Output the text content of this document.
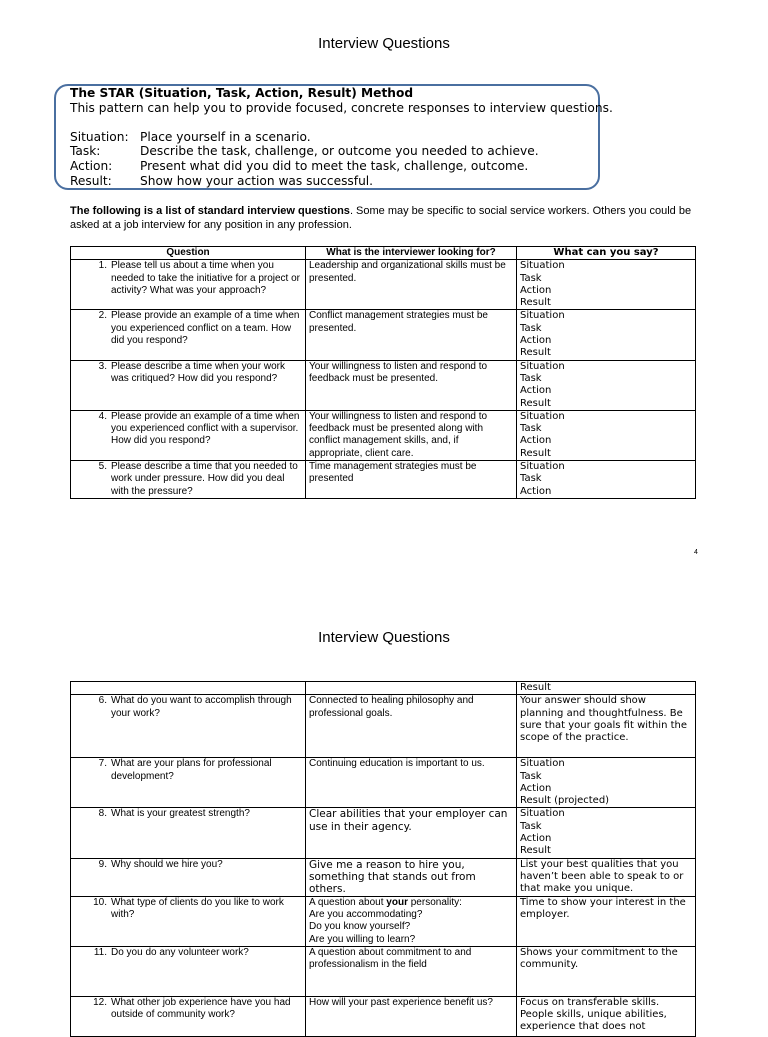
Interview Questions
The STAR (Situation, Task, Action, Result) Method
This pattern can help you to provide focused, concrete responses to interview questions.
Situation: Place yourself in a scenario.
Task:	Describe the task, challenge, or outcome you needed to achieve.
Action:	Present what did you did to meet the task, challenge, outcome.
Result:	Show how your action was successful.
The following is a list of standard interview questions. Some may be specific to social service workers. Others you could be asked at a job interview for any position in any profession.
Question	What is the interviewer looking for?	What can you say?

1. Please tell us about a time when you needed to take the initiative for a project or activity? What was your approach?	Leadership and organizational skills must be presented.	Situation
Task
Action
Result

2. Please provide an example of a time when you experienced conflict on a team. How did you respond?	Conflict management strategies must be presented.	Situation
Task
Action
Result

3. Please describe a time when your work was critiqued? How did you respond?	Your willingness to listen and respond to feedback must be presented.	Situation
Task
Action
Result

4. Please provide an example of a time when you experienced conflict with a supervisor. How did you respond?	Your willingness to listen and respond to feedback must be presented along with conflict management skills, and, if appropriate, client care.	Situation
Task
Action
Result

5. Please describe a time that you needed to work under pressure. How did you deal with the pressure?	Time management strategies must be presented	Situation
Task
Action
4
Interview Questions
		Result

6. What do you want to accomplish through your work?	Connected to healing philosophy and professional goals.	Your answer should show planning and thoughtfulness. Be sure that your goals fit within the scope of the practice.

7. What are your plans for professional development?	Continuing education is important to us.	Situation
Task
Action
Result (projected)

8. What is your greatest strength?	Clear abilities that your employer can use in their agency.	Situation
Task
Action
Result

9. Why should we hire you?	Give me a reason to hire you, something that stands out from others.	List your best qualities that you haven’t been able to speak to or that make you unique.

10. What type of clients do you like to work with?	A question about your personality:
Are you accommodating?
Do you know yourself?
Are you willing to learn?	Time to show your interest in the employer.

11. Do you do any volunteer work?	A question about commitment to and professionalism in the field	Shows your commitment to the community.

12. What other job experience have you had outside of community work?	How will your past experience benefit us?	Focus on transferable skills. People skills, unique abilities, experience that does not
